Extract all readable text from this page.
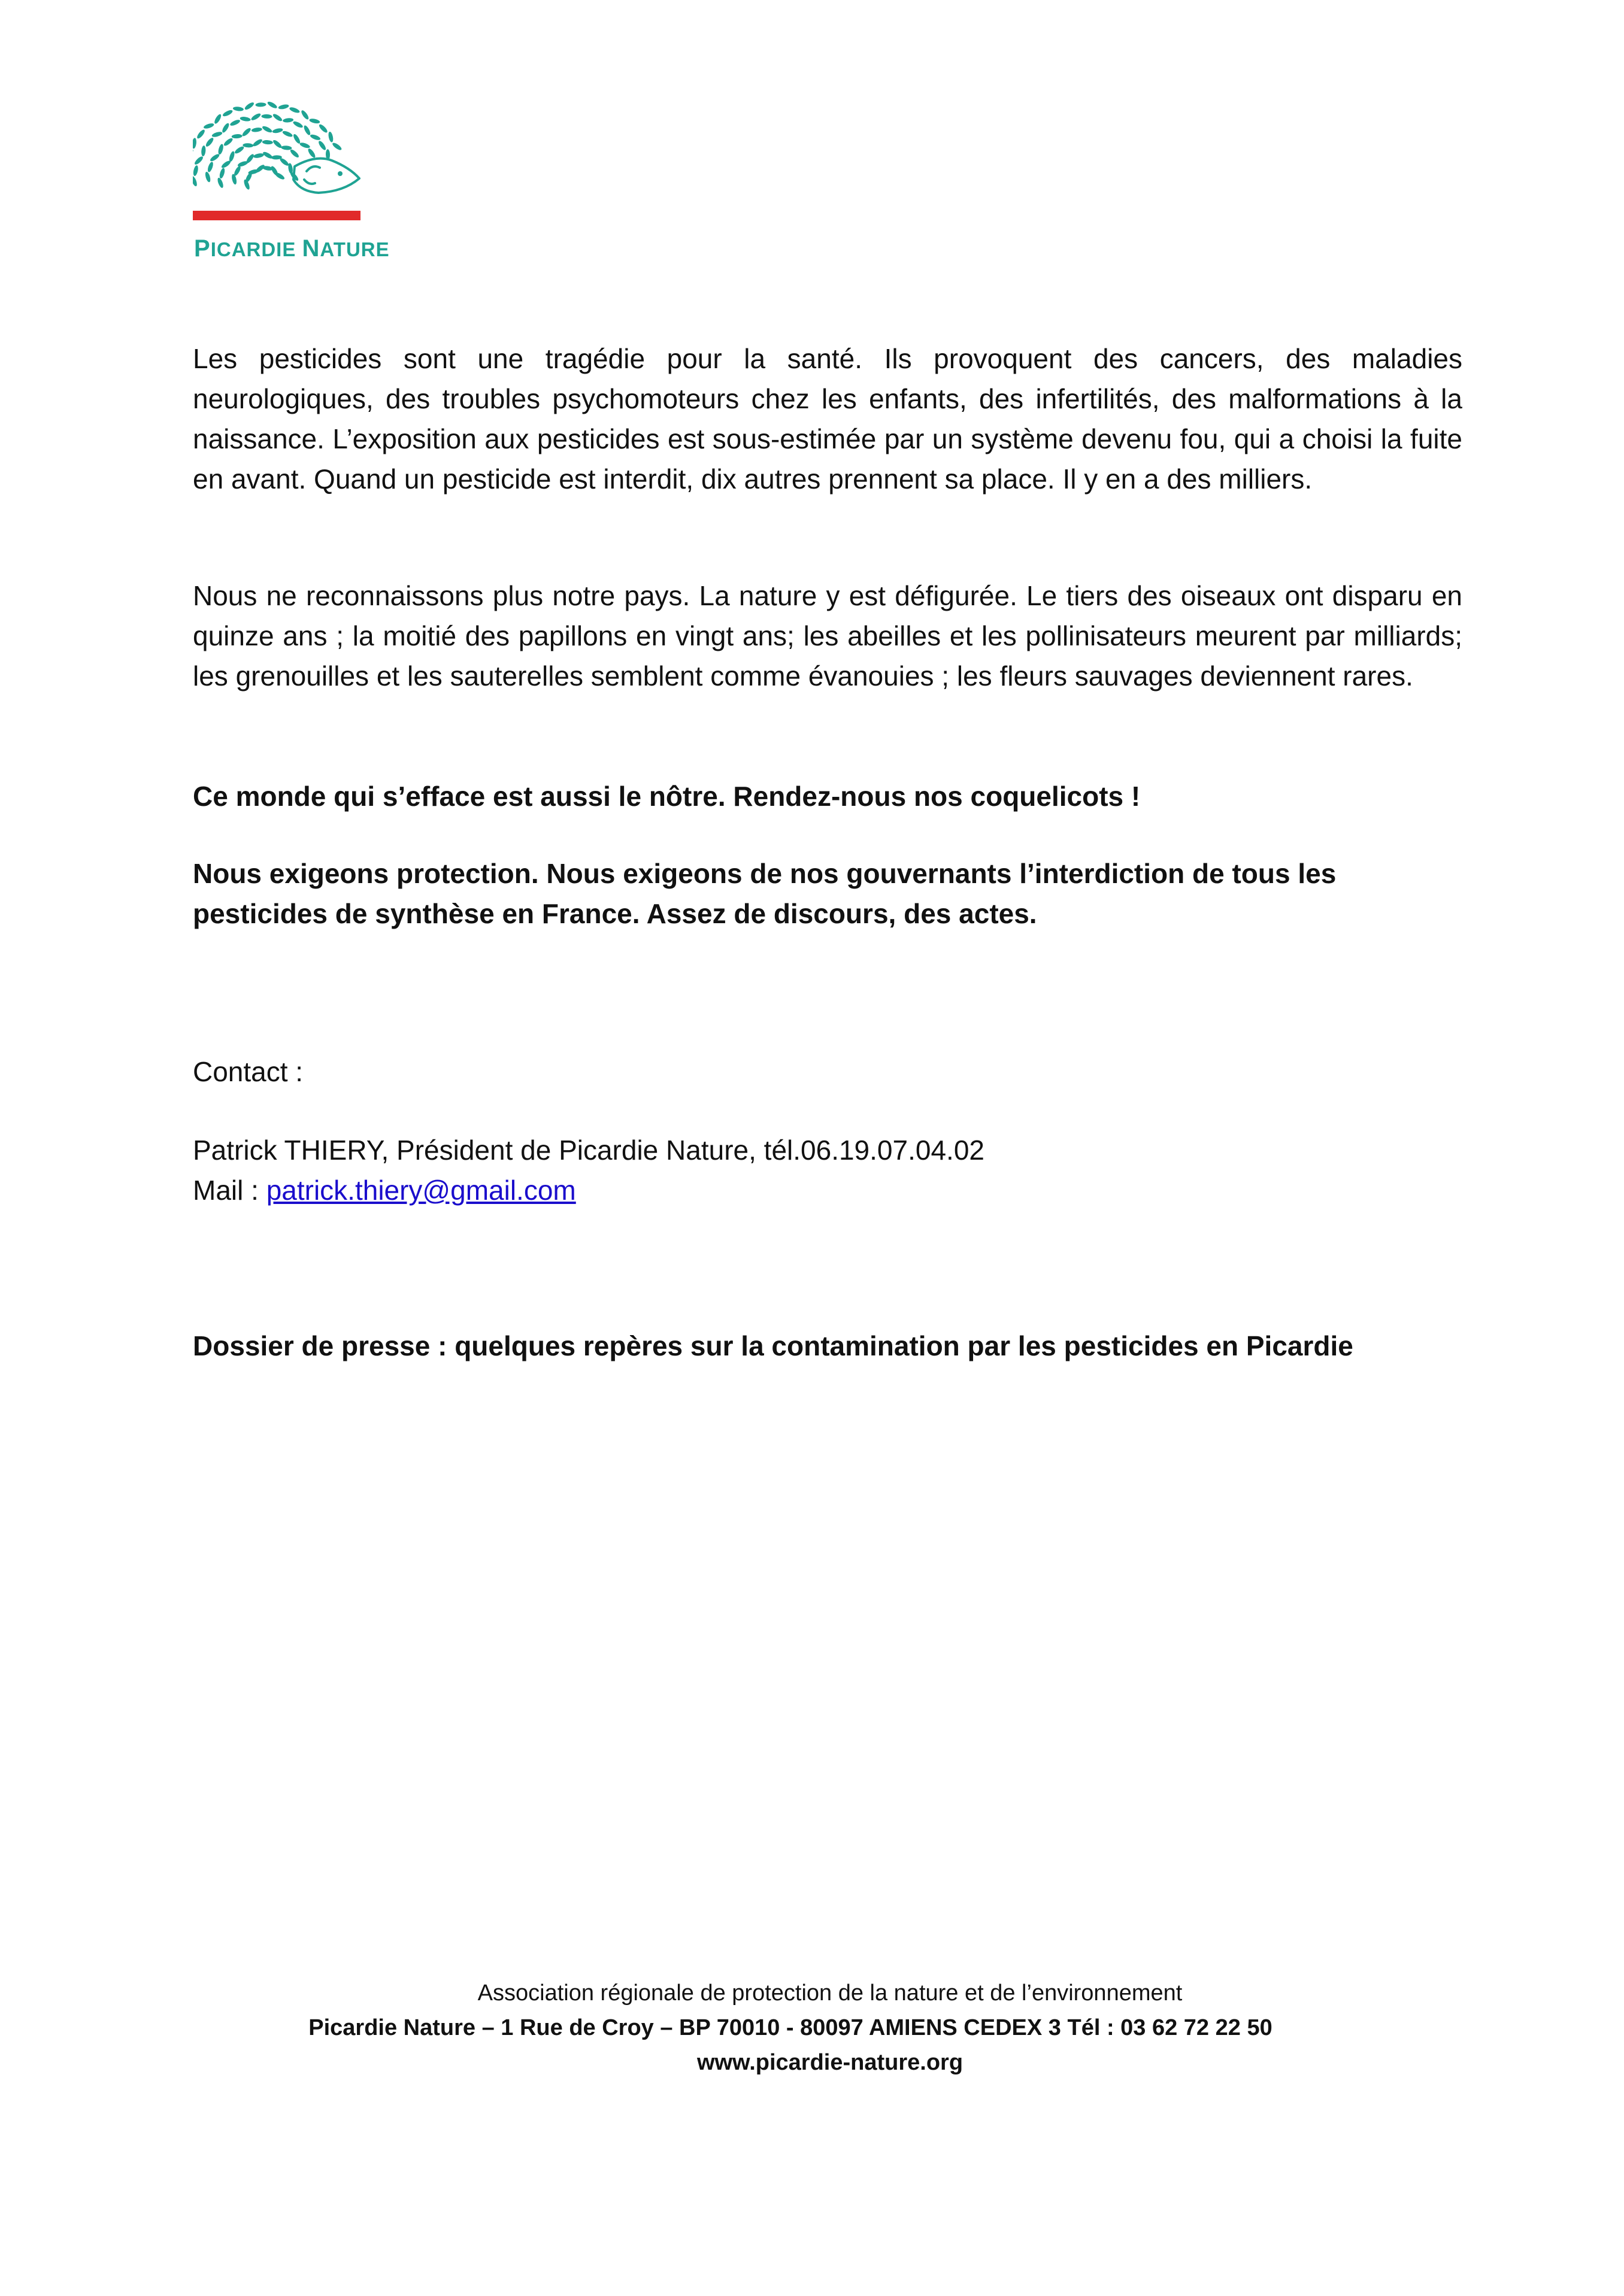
PICARDIE NATURE

Les pesticides sont une tragédie pour la santé. Ils provoquent des cancers, des maladies neurologiques, des troubles psychomoteurs chez les enfants, des infertilités, des malformations à la naissance. L’exposition aux pesticides est sous-estimée par un système devenu fou, qui a choisi la fuite en avant. Quand un pesticide est interdit, dix autres prennent sa place. Il y en a des milliers.

Nous ne reconnaissons plus notre pays. La nature y est défigurée. Le tiers des oiseaux ont disparu en quinze ans ; la moitié des papillons en vingt ans; les abeilles et les pollinisateurs meurent par milliards; les grenouilles et les sauterelles semblent comme évanouies ; les fleurs sauvages deviennent rares.

Ce monde qui s’efface est aussi le nôtre. Rendez-nous nos coquelicots !

Nous exigeons protection. Nous exigeons de nos gouvernants l’interdiction de tous les pesticides de synthèse en France. Assez de discours, des actes.

Contact :

Patrick THIERY, Président de Picardie Nature, tél.06.19.07.04.02

Mail : patrick.thiery@gmail.com

Dossier de presse : quelques repères sur la contamination par les pesticides en Picardie

Association régionale de protection de la nature et de l’environnement

Picardie Nature – 1 Rue de Croy – BP 70010 - 80097 AMIENS CEDEX 3 Tél : 03 62 72 22 50

www.picardie-nature.org
